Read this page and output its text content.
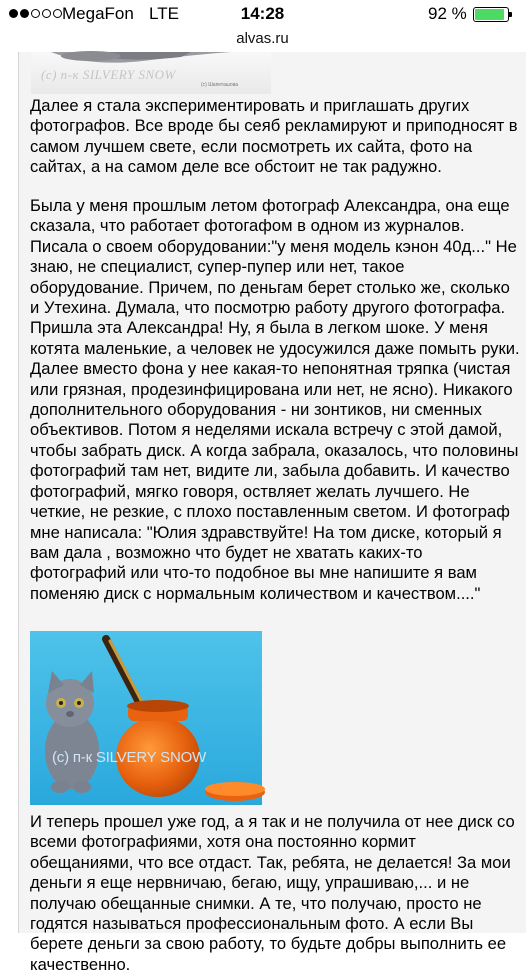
MegaFon LTE	14:28	92 %
alvas.ru
(c) п-к SILVERY SNOW
(c) Шапеташова

Далее я стала экспериментировать и приглашать других фотографов. Все вроде бы сеяб рекламируют и приподносят в самом лучшем свете, если посмотреть их сайта, фото на сайтах, а на самом деле все обстоит не так радужно.

Была у меня прошлым летом фотограф Александра, она еще сказала, что работает фотогафом в одном из журналов. Писала о своем оборудовании:"у меня модель кэнон 40д..." Не знаю, не специалист, супер-пупер или нет, такое оборудование. Причем, по деньгам берет столько же, сколько и Утехина. Думала, что посмотрю работу другого фотографа. Пришла эта Александра! Ну, я была в легком шоке. У меня котята маленькие, а человек не удосужился даже помыть руки. Далее вместо фона у нее какая-то непонятная тряпка (чистая или грязная, продезинфицирована или нет, не ясно). Никакого дополнительного оборудования - ни зонтиков, ни сменных объективов. Потом я неделями искала встречу с этой дамой, чтобы забрать диск. А когда забрала, оказалось, что половины фотографий там нет, видите ли, забыла добавить. И качество фотографий, мягко говоря, оствляет желать лучшего. Не четкие, не резкие, с плохо поставленным светом. И фотограф мне написала: "Юлия здравствуйте! На том диске, который я вам дала , возможно что будет не хватать каких-то фотографий или что-то подобное вы мне напишите я вам поменяю диск с нормальным количеством и качеством...."

(c) п-к SILVERY SNOW

И теперь прошел уже год, а я так и не получила от нее диск со всеми фотографиями, хотя она постоянно кормит обещаниями, что все отдаст. Так, ребята, не делается! За мои деньги я еще нервничаю, бегаю, ищу, упрашиваю,... и не получаю обещанные снимки. А те, что получаю, просто не годятся называться профессиональным фото. А если Вы берете деньги за свою работу, то будьте добры выполнить ее качественно.
